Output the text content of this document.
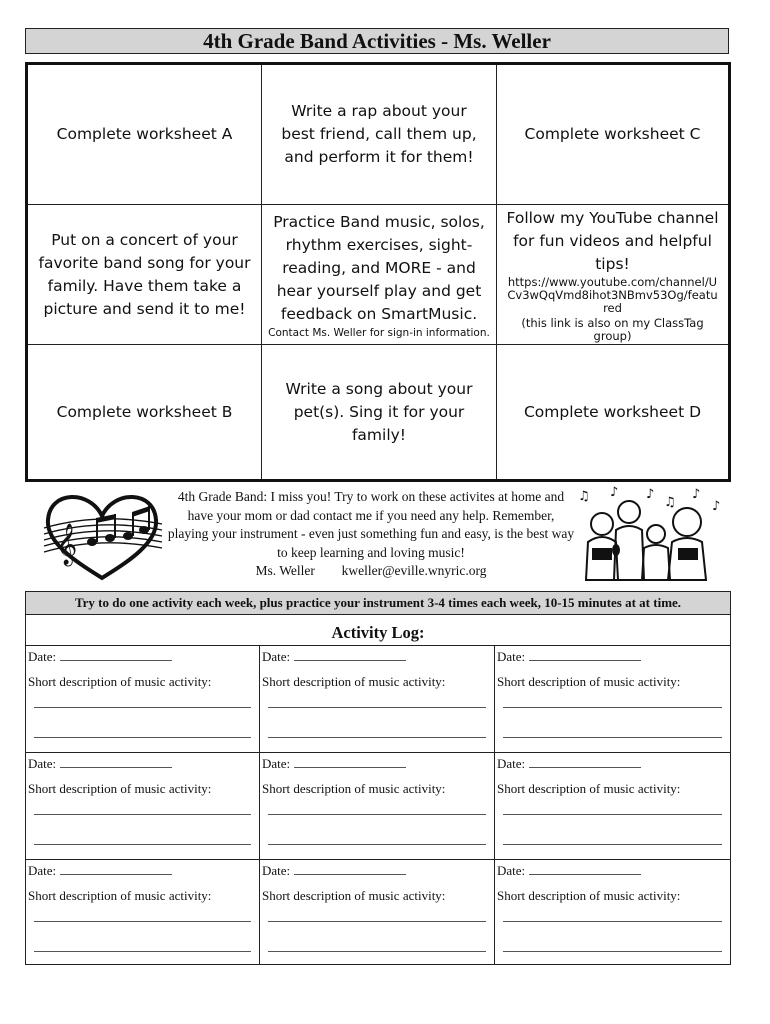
4th Grade Band Activities - Ms. Weller
Complete worksheet A
Write a rap about your best friend, call them up, and perform it for them!
Complete worksheet C
Put on a concert of your favorite band song for your family. Have them take a picture and send it to me!
Practice Band music, solos, rhythm exercises, sight-reading, and MORE - and hear yourself play and get feedback on SmartMusic.
Contact Ms. Weller for sign-in information.
Follow my YouTube channel for fun videos and helpful tips!
https://www.youtube.com/channel/UCv3wQqVmd8ihot3NBmv53Og/featured
(this link is also on my ClassTag group)
Complete worksheet B
Write a song about your pet(s). Sing it for your family!
Complete worksheet D
𝄞
4th Grade Band: I miss you! Try to work on these activites at home and have your mom or dad contact me if you need any help. Remember, playing your instrument - even just something fun and easy, is the best way to keep learning and loving music!
Ms. Weller kweller@eville.wnyric.org
♫ ♪ ♪
♫
♪
♪
Try to do one activity each week, plus practice your instrument 3-4 times each week, 10-15 minutes at at time.
Activity Log:
Date:
Short description of music activity:
Date:
Short description of music activity:
Date:
Short description of music activity:
Date:
Short description of music activity:
Date:
Short description of music activity:
Date:
Short description of music activity:
Date:
Short description of music activity:
Date:
Short description of music activity:
Date:
Short description of music activity:
